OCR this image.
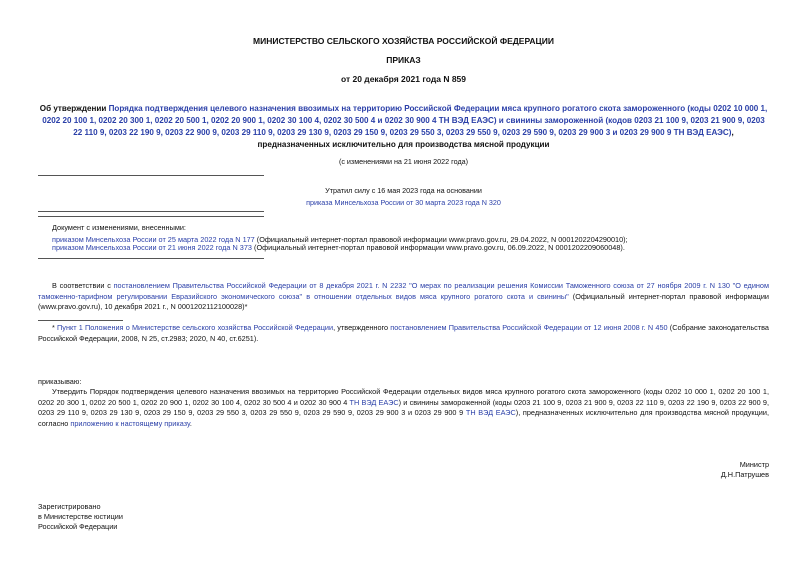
МИНИСТЕРСТВО СЕЛЬСКОГО ХОЗЯЙСТВА РОССИЙСКОЙ ФЕДЕРАЦИИ
ПРИКАЗ
от 20 декабря 2021 года N 859
Об утверждении Порядка подтверждения целевого назначения ввозимых на территорию Российской Федерации мяса крупного рогатого скота замороженного (коды 0202 10 000 1, 0202 20 100 1, 0202 20 300 1, 0202 20 500 1, 0202 20 900 1, 0202 30 100 4, 0202 30 500 4 и 0202 30 900 4 ТН ВЭД ЕАЭС) и свинины замороженной (кодов 0203 21 100 9, 0203 21 900 9, 0203 22 110 9, 0203 22 190 9, 0203 22 900 9, 0203 29 110 9, 0203 29 130 9, 0203 29 150 9, 0203 29 550 3, 0203 29 550 9, 0203 29 590 9, 0203 29 900 3 и 0203 29 900 9 ТН ВЭД ЕАЭС), предназначенных исключительно для производства мясной продукции
(с изменениями на 21 июня 2022 года)
Утратил силу с 16 мая 2023 года на основании
приказа Минсельхоза России от 30 марта 2023 года N 320
Документ с изменениями, внесенными:
приказом Минсельхоза России от 25 марта 2022 года N 177 (Официальный интернет-портал правовой информации www.pravo.gov.ru, 29.04.2022, N 0001202204290010);
приказом Минсельхоза России от 21 июня 2022 года N 373 (Официальный интернет-портал правовой информации www.pravo.gov.ru, 06.09.2022, N 0001202209060048).
В соответствии с постановлением Правительства Российской Федерации от 8 декабря 2021 г. N 2232 "О мерах по реализации решения Комиссии Таможенного союза от 27 ноября 2009 г. N 130 "О едином таможенно-тарифном регулировании Евразийского экономического союза" в отношении отдельных видов мяса крупного рогатого скота и свинины" (Официальный интернет-портал правовой информации (www.pravo.gov.ru), 10 декабря 2021 г., N 0001202112100028)*
* Пункт 1 Положения о Министерстве сельского хозяйства Российской Федерации, утвержденного постановлением Правительства Российской Федерации от 12 июня 2008 г. N 450 (Собрание законодательства Российской Федерации, 2008, N 25, ст.2983; 2020, N 40, ст.6251).
приказываю:
Утвердить Порядок подтверждения целевого назначения ввозимых на территорию Российской Федерации отдельных видов мяса крупного рогатого скота замороженного (коды 0202 10 000 1, 0202 20 100 1, 0202 20 300 1, 0202 20 500 1, 0202 20 900 1, 0202 30 100 4, 0202 30 500 4 и 0202 30 900 4 ТН ВЭД ЕАЭС) и свинины замороженной (коды 0203 21 100 9, 0203 21 900 9, 0203 22 110 9, 0203 22 190 9, 0203 22 900 9, 0203 29 110 9, 0203 29 130 9, 0203 29 150 9, 0203 29 550 3, 0203 29 550 9, 0203 29 590 9, 0203 29 900 3 и 0203 29 900 9 ТН ВЭД ЕАЭС), предназначенных исключительно для производства мясной продукции, согласно приложению к настоящему приказу.
Министр
Д.Н.Патрушев
Зарегистрировано
в Министерстве юстиции
Российской Федерации
